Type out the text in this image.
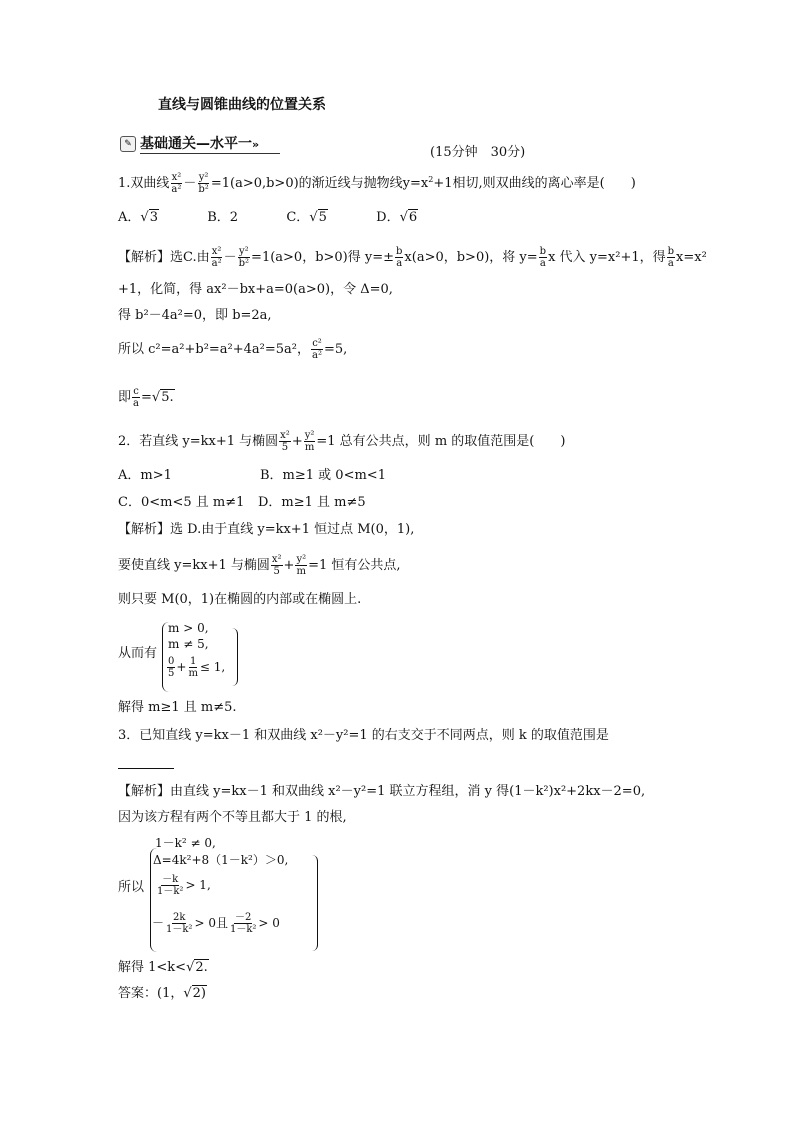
直线与圆锥曲线的位置关系
✎ 基础通关—水平一»
(15分钟　30分)
1.双曲线 $\frac{\text{x²}}{\text{a²}} - \frac{\text{y²}}{\text{b²}} =1(a>0,b>0)$的渐近线与抛物线$y=x^2+1$相切,则双曲线的离心率是(　　)
A．√3	B．2	C．√5	D．√6
【解析】选C.由 $\frac{\text{x²}}{\text{a²}} - \frac{\text{y²}}{\text{b²}} =1(a>0$，b>0)得 $y=\pm \frac{b}{a} x(a>0$，b>0)，将 $y= \frac{b}{a}$ x 代入 y=x²+1，得 $\frac{b}{a} x=x^2$
+1，化简，得 ax²－bx+a=0(a>0)，令 Δ=0,
得 b²－4a²=0，即 b=2a,
所以 c²=a²+b²=a²+4a²=5a²， $\frac{\text{c²}}{\text{a²}} =5$,
即 $\frac{c}{a} =√5$.
2．若直线 y=kx+1 与椭圆 $\frac{\text{x²}}{5} + \frac{\text{y²}}{m} =1$ 总有公共点，则 m 的取值范围是(　　)
A．m>1	B．m≥1 或 0<m<1
C．0<m<5 且 m≠1 D．m≥1 且 m≠5
【解析】选 D.由于直线 y=kx+1 恒过点 M(0，1),
要使直线 y=kx+1 与椭圆 $\frac{\text{x²}}{5} + \frac{\text{y²}}{m} =1$ 恒有公共点,
则只要 M(0，1)在椭圆的内部或在椭圆上.
从而有
m > 0,
m ≠ 5,
$\frac{0}{5} + \frac{1}{m} \le 1$,
解得 m≥1 且 m≠5.
3．已知直线 y=kx－1 和双曲线 x²－y²=1 的右支交于不同两点，则 k 的取值范围是
【解析】由直线 y=kx－1 和双曲线 x²－y²=1 联立方程组，消 y 得(1－k²)x²+2kx－2=0,
因为该方程有两个不等且都大于 1 的根,
所以
1－k² ≠ 0,
Δ=4k²+8（1－k²）＞0,
$\frac{-k}{\text{1－k²}} > 1$,
－ $\frac{2k}{\text{1－k²}} > 0$且 $\frac{-2}{\text{1－k²}} > 0$
解得 1<k<√2.
答案：(1，√2)
